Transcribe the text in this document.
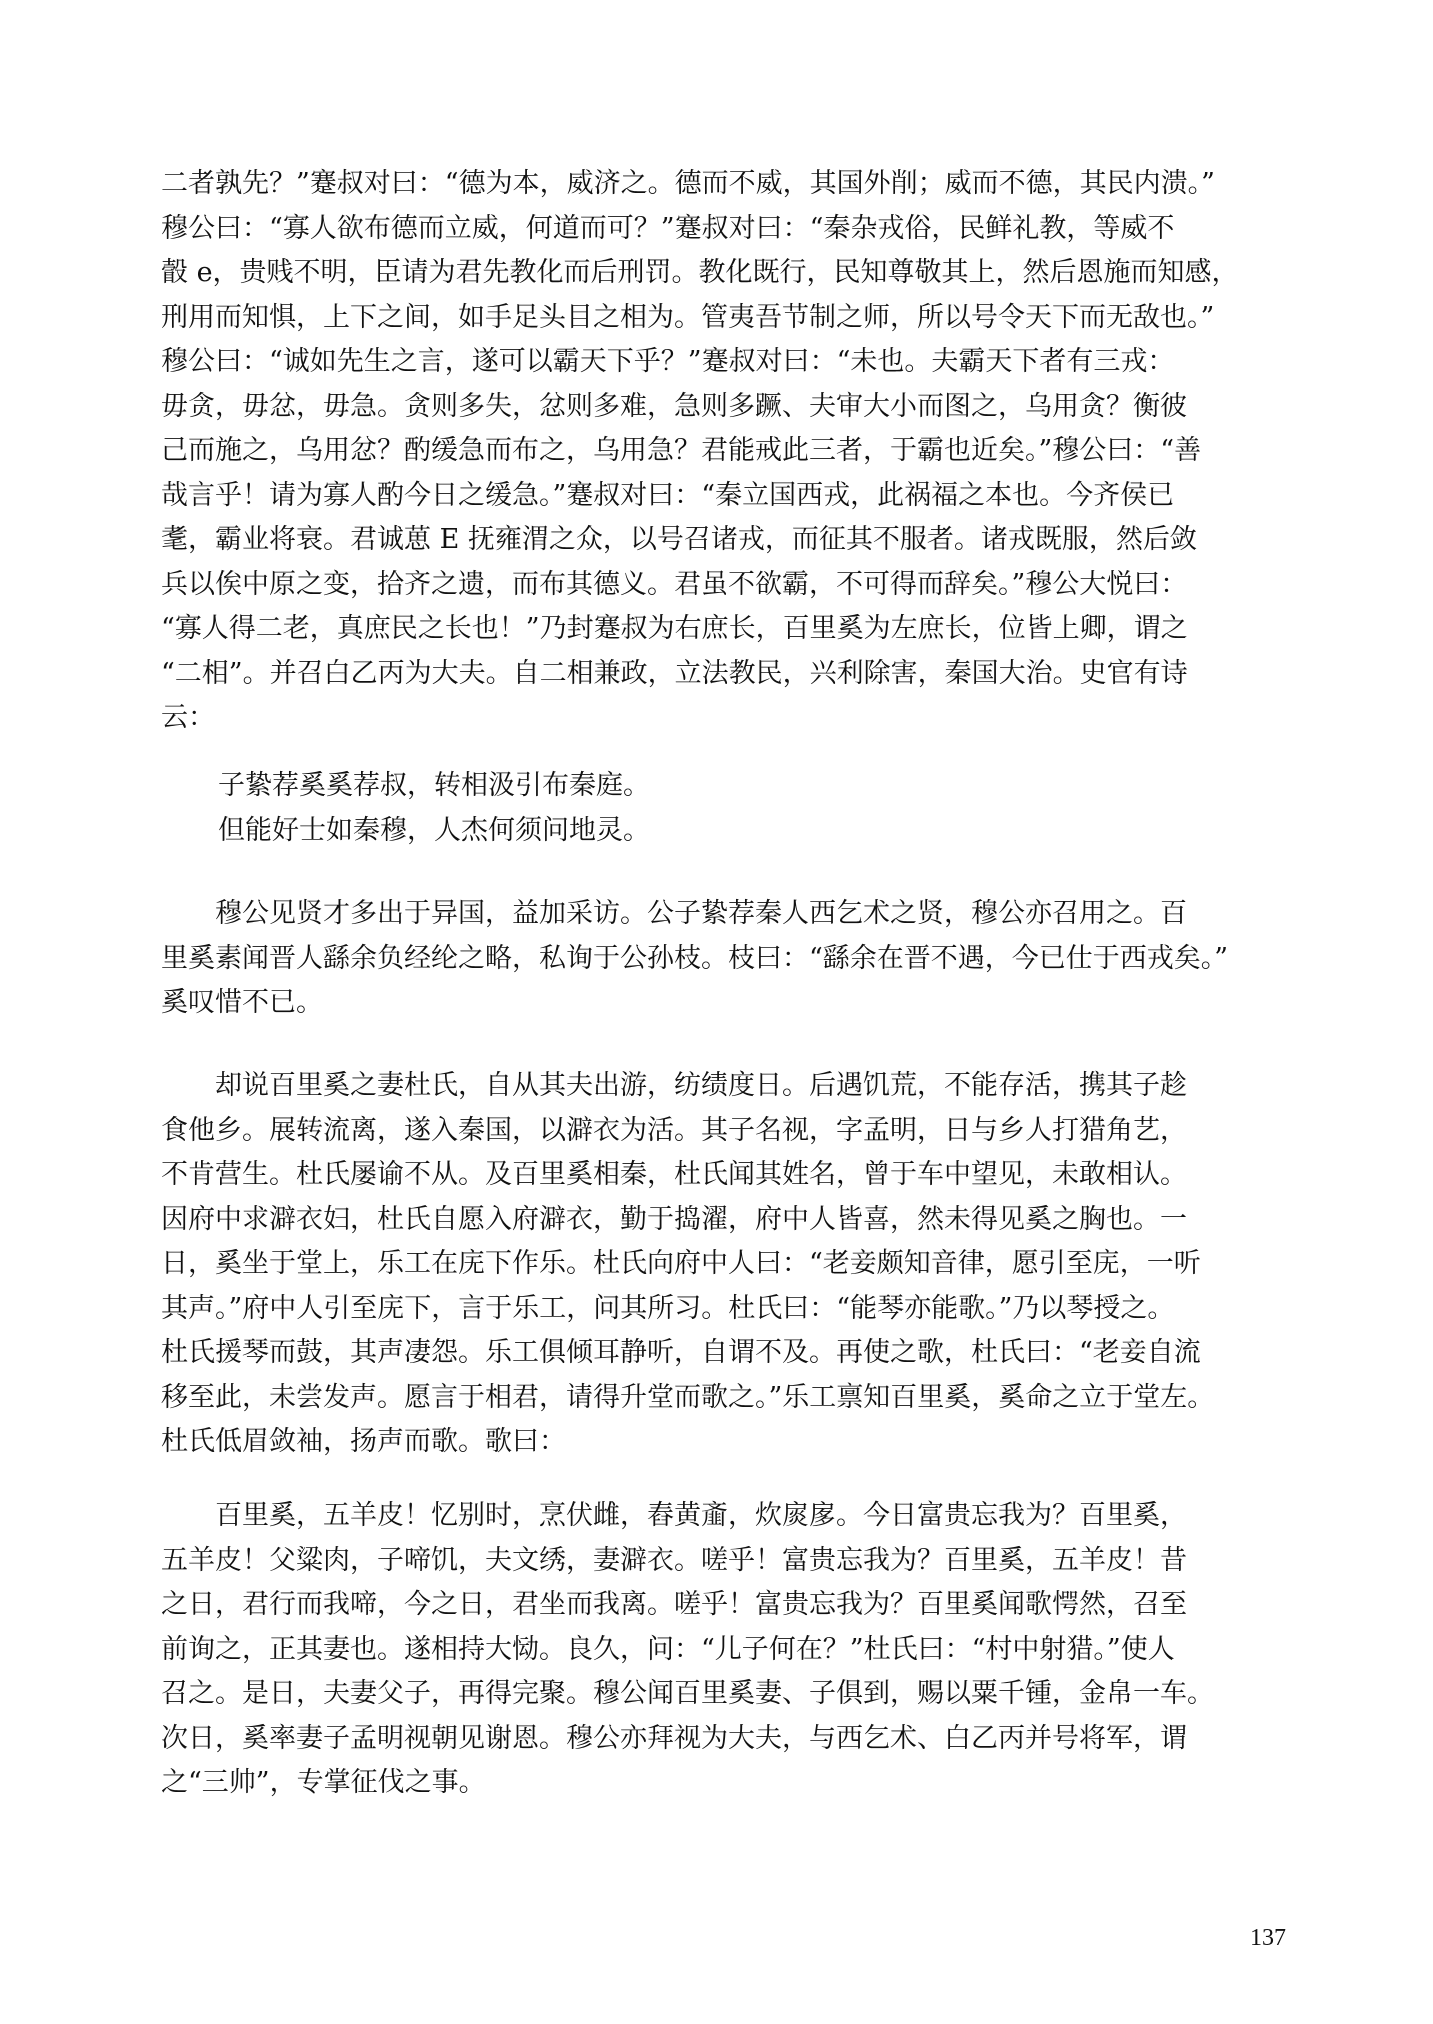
二者孰先？”蹇叔对曰：“德为本，威济之。德而不威，其国外削；威而不德，其民内溃。”
穆公曰：“寡人欲布德而立威，何道而可？”蹇叔对曰：“秦杂戎俗，民鲜礼教，等威不
瞉 e，贵贱不明，臣请为君先教化而后刑罚。教化既行，民知尊敬其上，然后恩施而知感，
刑用而知惧，上下之间，如手足头目之相为。管夷吾节制之师，所以号令天下而无敌也。”
穆公曰：“诚如先生之言，遂可以霸天下乎？”蹇叔对曰：“未也。夫霸天下者有三戎：
毋贪，毋忿，毋急。贪则多失，忿则多难，急则多蹶、夫审大小而图之，乌用贪？衡彼
己而施之，乌用忿？酌缓急而布之，乌用急？君能戒此三者，于霸也近矣。”穆公曰：“善
哉言乎！请为寡人酌今日之缓急。”蹇叔对曰：“秦立国西戎，此祸福之本也。今齐侯已
耄，霸业将衰。君诚葸 E 抚雍渭之众，以号召诸戎，而征其不服者。诸戎既服，然后敛
兵以俟中原之变，拾齐之遗，而布其德义。君虽不欲霸，不可得而辞矣。”穆公大悦曰：
“寡人得二老，真庶民之长也！”乃封蹇叔为右庶长，百里奚为左庶长，位皆上卿，谓之
“二相”。并召白乙丙为大夫。自二相兼政，立法教民，兴利除害，秦国大治。史官有诗
云：
子絷荐奚奚荐叔，转相汲引布秦庭。
但能好士如秦穆，人杰何须问地灵。
　　穆公见贤才多出于异国，益加采访。公子絷荐秦人西乞术之贤，穆公亦召用之。百
里奚素闻晋人繇余负经纶之略，私询于公孙枝。枝曰：“繇余在晋不遇，今已仕于西戎矣。”
奚叹惜不已。
　　却说百里奚之妻杜氏，自从其夫出游，纺绩度日。后遇饥荒，不能存活，携其子趁
食他乡。展转流离，遂入秦国，以澼衣为活。其子名视，字孟明，日与乡人打猎角艺，
不肯营生。杜氏屡谕不从。及百里奚相秦，杜氏闻其姓名，曾于车中望见，未敢相认。
因府中求澼衣妇，杜氏自愿入府澼衣，勤于捣濯，府中人皆喜，然未得见奚之胸也。一
日，奚坐于堂上，乐工在庑下作乐。杜氏向府中人曰：“老妾颇知音律，愿引至庑，一听
其声。”府中人引至庑下，言于乐工，问其所习。杜氏曰：“能琴亦能歌。”乃以琴授之。
杜氏援琴而鼓，其声凄怨。乐工俱倾耳静听，自谓不及。再使之歌，杜氏曰：“老妾自流
移至此，未尝发声。愿言于相君，请得升堂而歌之。”乐工禀知百里奚，奚命之立于堂左。
杜氏低眉敛袖，扬声而歌。歌曰：
　　百里奚，五羊皮！忆别时，烹伏雌，舂黄齑，炊扊扅。今日富贵忘我为？百里奚，
五羊皮！父粱肉，子啼饥，夫文绣，妻澼衣。嗟乎！富贵忘我为？百里奚，五羊皮！昔
之日，君行而我啼，今之日，君坐而我离。嗟乎！富贵忘我为？百里奚闻歌愕然，召至
前询之，正其妻也。遂相持大恸。良久，问：“儿子何在？”杜氏曰：“村中射猎。”使人
召之。是日，夫妻父子，再得完聚。穆公闻百里奚妻、子俱到，赐以粟千锺，金帛一车。
次日，奚率妻子孟明视朝见谢恩。穆公亦拜视为大夫，与西乞术、白乙丙并号将军，谓
之“三帅”，专掌征伐之事。
137
